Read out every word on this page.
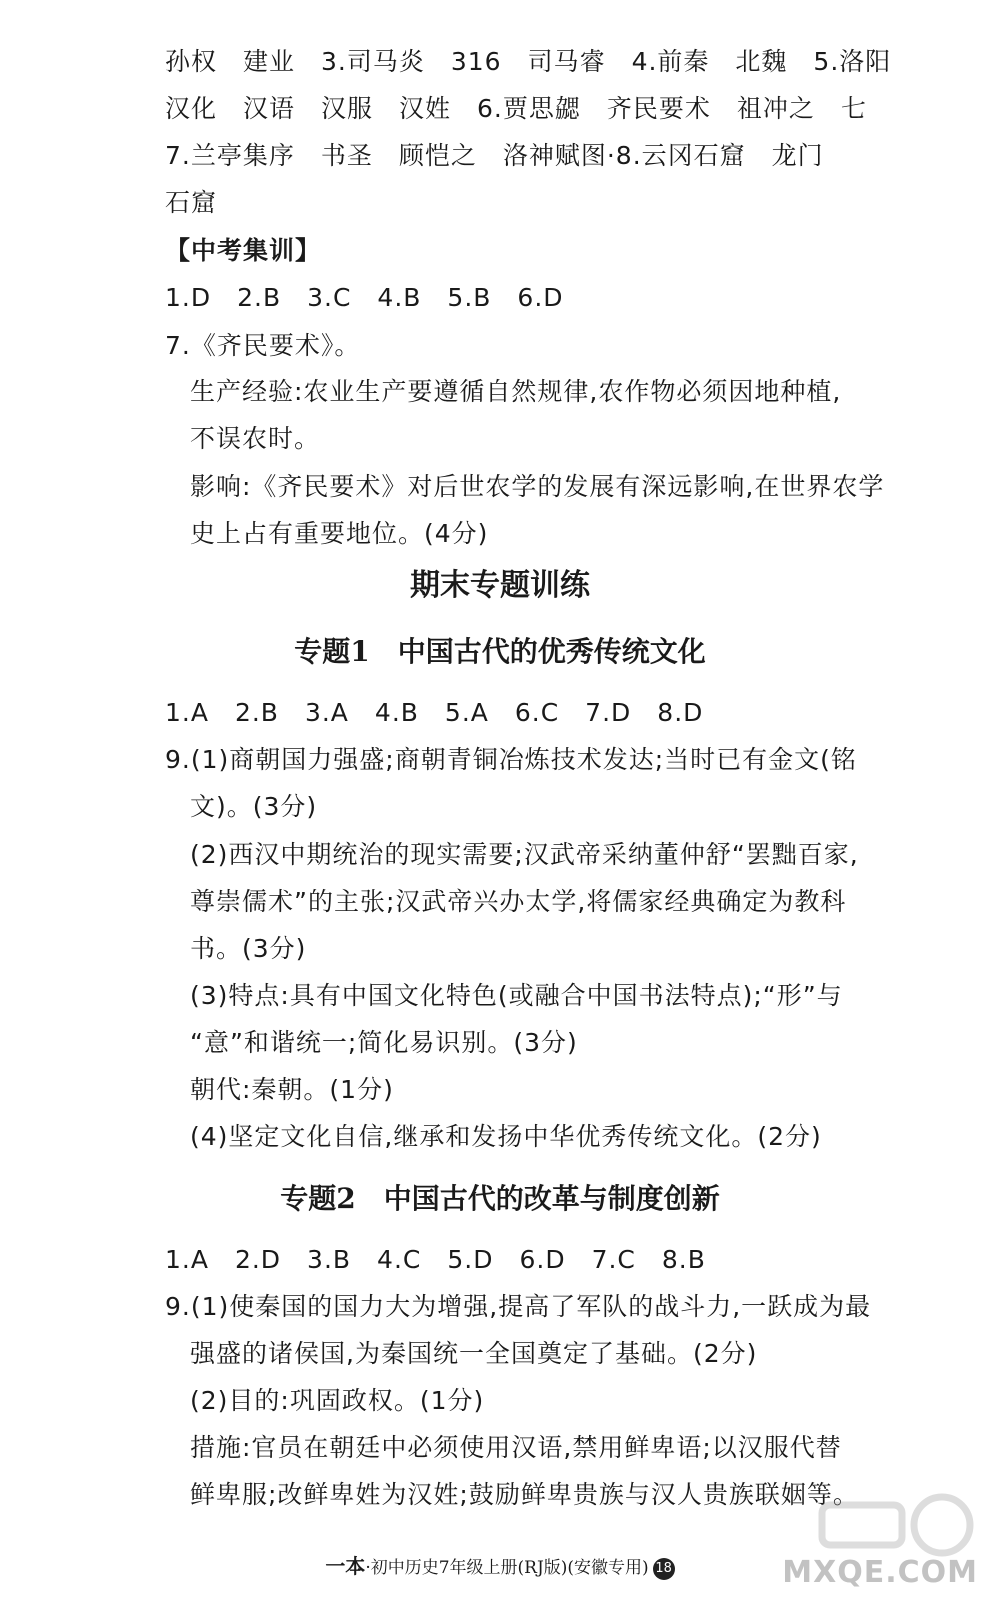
孙权　建业　3.司马炎　316　司马睿　4.前秦　北魏　5.洛阳
汉化　汉语　汉服　汉姓　6.贾思勰　齐民要术　祖冲之　七
7.兰亭集序　书圣　顾恺之　洛神赋图·8.云冈石窟　龙门
石窟
【中考集训】
1.D　2.B　3.C　4.B　5.B　6.D
7.《齐民要术》。
生产经验:农业生产要遵循自然规律,农作物必须因地种植,
不误农时。
影响:《齐民要术》对后世农学的发展有深远影响,在世界农学
史上占有重要地位。(4分)
期末专题训练
专题1　中国古代的优秀传统文化
1.A　2.B　3.A　4.B　5.A　6.C　7.D　8.D
9.(1)商朝国力强盛;商朝青铜冶炼技术发达;当时已有金文(铭
文)。(3分)
(2)西汉中期统治的现实需要;汉武帝采纳董仲舒“罢黜百家,
尊崇儒术”的主张;汉武帝兴办太学,将儒家经典确定为教科
书。(3分)
(3)特点:具有中国文化特色(或融合中国书法特点);“形”与
“意”和谐统一;简化易识别。(3分)
朝代:秦朝。(1分)
(4)坚定文化自信,继承和发扬中华优秀传统文化。(2分)
专题2　中国古代的改革与制度创新
1.A　2.D　3.B　4.C　5.D　6.D　7.C　8.B
9.(1)使秦国的国力大为增强,提高了军队的战斗力,一跃成为最
强盛的诸侯国,为秦国统一全国奠定了基础。(2分)
(2)目的:巩固政权。(1分)
措施:官员在朝廷中必须使用汉语,禁用鲜卑语;以汉服代替
鲜卑服;改鲜卑姓为汉姓;鼓励鲜卑贵族与汉人贵族联姻等。
MXQE.COM
一本·初中历史7年级上册(RJ版)(安徽专用) 18
